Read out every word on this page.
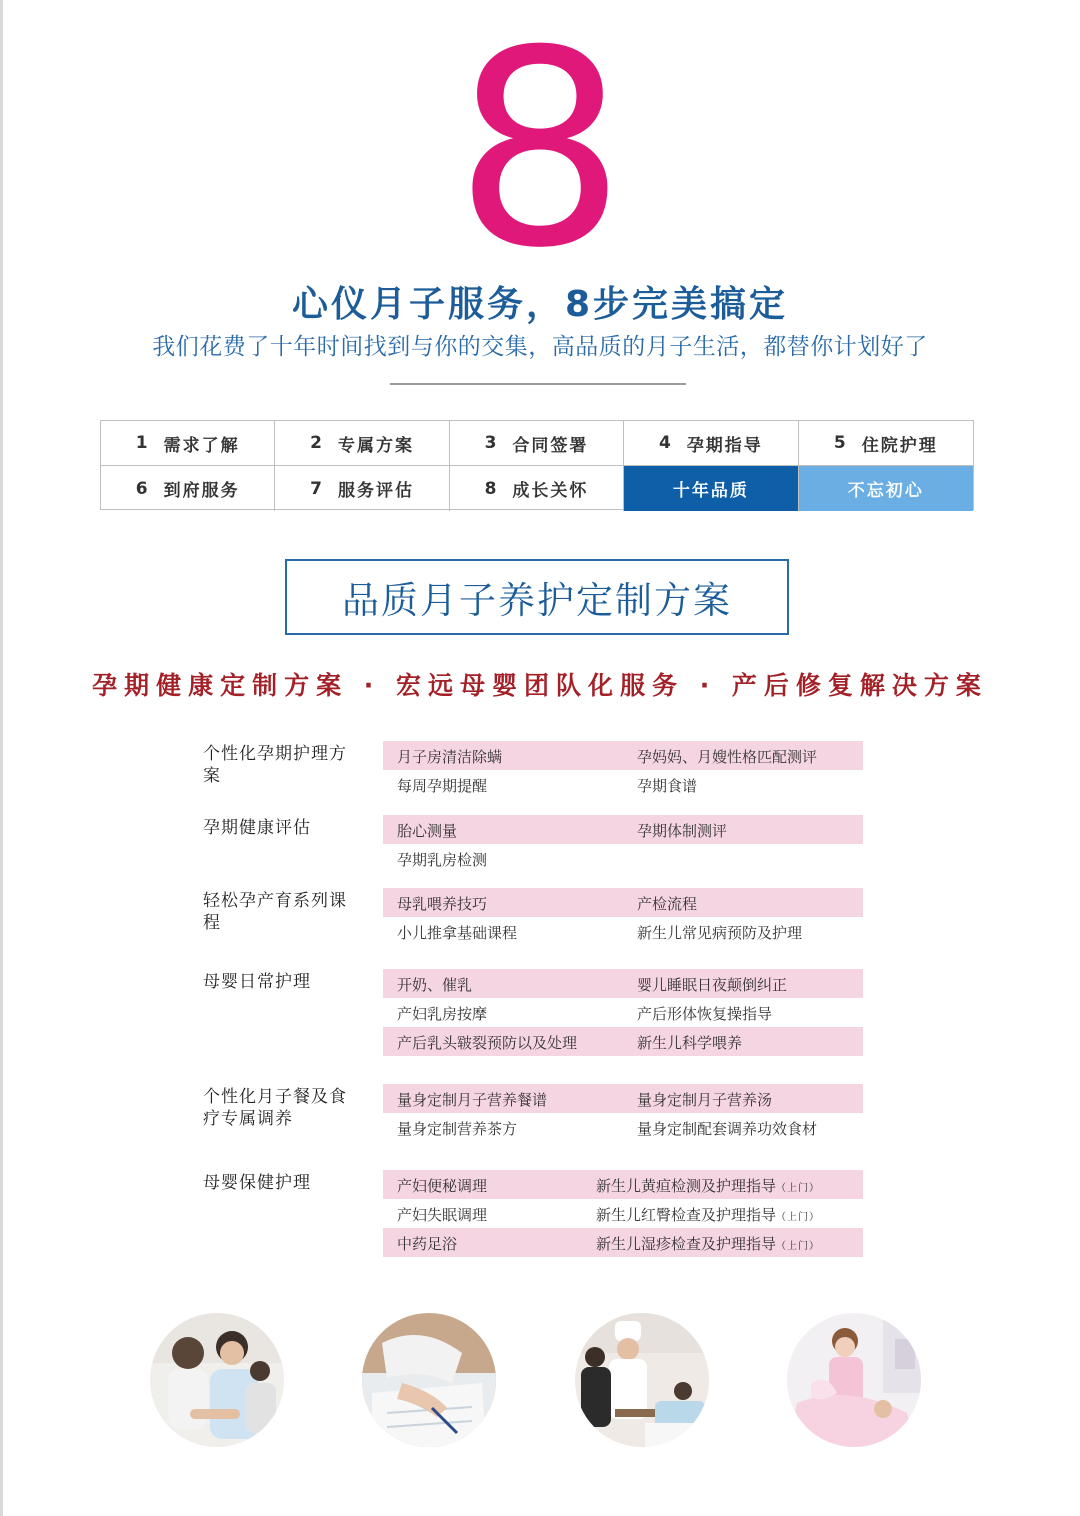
8
心仪月子服务，8步完美搞定
我们花费了十年时间找到与你的交集，高品质的月子生活，都替你计划好了
1 需求了解	2 专属方案	3 合同签署	4 孕期指导	5 住院护理
6 到府服务	7 服务评估	8 成长关怀	十年品质	不忘初心
品质月子养护定制方案
孕期健康定制方案 · 宏远母婴团队化服务 · 产后修复解决方案
个性化孕期护理方案
月子房清洁除螨	孕妈妈、月嫂性格匹配测评
每周孕期提醒	孕期食谱
孕期健康评估	胎心测量	孕期体制测评
孕期乳房检测
轻松孕产育系列课程
母乳喂养技巧	产检流程
小儿推拿基础课程	新生儿常见病预防及护理
母婴日常护理	开奶、催乳	婴儿睡眠日夜颠倒纠正
产妇乳房按摩	产后形体恢复操指导
产后乳头皲裂预防以及处理	新生儿科学喂养
个性化月子餐及食疗专属调养
量身定制月子营养餐谱	量身定制月子营养汤
量身定制营养茶方	量身定制配套调养功效食材
母婴保健护理	产妇便秘调理	新生儿黄疸检测及护理指导（上门）
产妇失眠调理	新生儿红臀检查及护理指导（上门）
中药足浴	新生儿湿疹检查及护理指导（上门）
